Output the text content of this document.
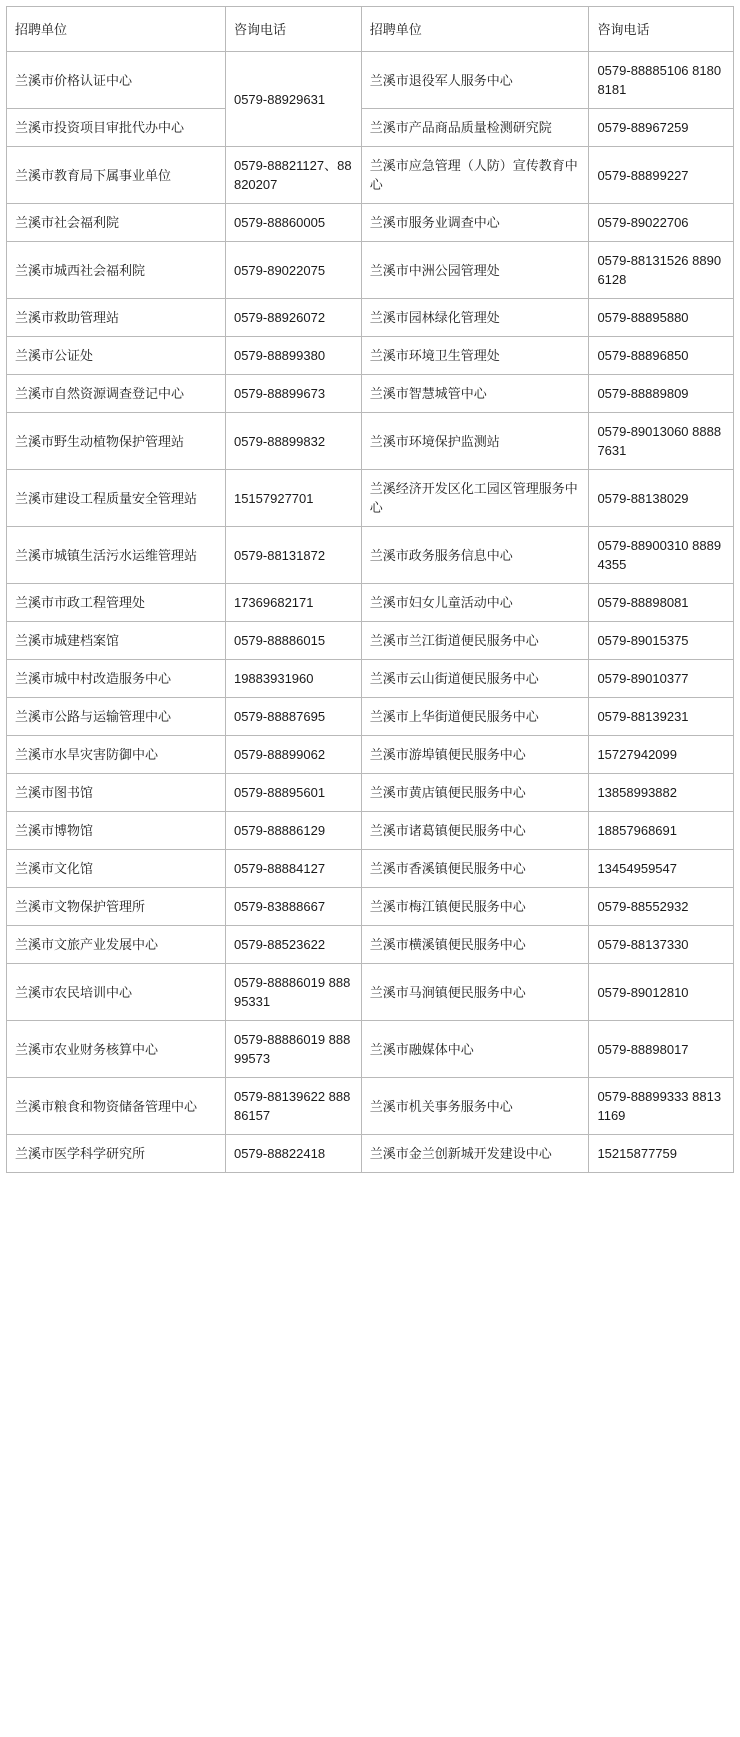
招聘单位	咨询电话	招聘单位	咨询电话
兰溪市价格认证中心	0579-88929631	兰溪市退役军人服务中心	0579-88885106 81808181
兰溪市投资项目审批代办中心		兰溪市产品商品质量检测研究院	0579-88967259
兰溪市教育局下属事业单位	0579-88821127、88820207	兰溪市应急管理（人防）宣传教育中心	0579-88899227
兰溪市社会福利院	0579-88860005	兰溪市服务业调查中心	0579-89022706
兰溪市城西社会福利院	0579-89022075	兰溪市中洲公园管理处	0579-88131526 88906128
兰溪市救助管理站	0579-88926072	兰溪市园林绿化管理处	0579-88895880
兰溪市公证处	0579-88899380	兰溪市环境卫生管理处	0579-88896850
兰溪市自然资源调查登记中心	0579-88899673	兰溪市智慧城管中心	0579-88889809
兰溪市野生动植物保护管理站	0579-88899832	兰溪市环境保护监测站	0579-89013060 88887631
兰溪市建设工程质量安全管理站	15157927701	兰溪经济开发区化工园区管理服务中心	0579-88138029
兰溪市城镇生活污水运维管理站	0579-88131872	兰溪市政务服务信息中心	0579-88900310 88894355
兰溪市市政工程管理处	17369682171	兰溪市妇女儿童活动中心	0579-88898081
兰溪市城建档案馆	0579-88886015	兰溪市兰江街道便民服务中心	0579-89015375
兰溪市城中村改造服务中心	19883931960	兰溪市云山街道便民服务中心	0579-89010377
兰溪市公路与运输管理中心	0579-88887695	兰溪市上华街道便民服务中心	0579-88139231
兰溪市水旱灾害防御中心	0579-88899062	兰溪市游埠镇便民服务中心	15727942099
兰溪市图书馆	0579-88895601	兰溪市黄店镇便民服务中心	13858993882
兰溪市博物馆	0579-88886129	兰溪市诸葛镇便民服务中心	18857968691
兰溪市文化馆	0579-88884127	兰溪市香溪镇便民服务中心	13454959547
兰溪市文物保护管理所	0579-83888667	兰溪市梅江镇便民服务中心	0579-88552932
兰溪市文旅产业发展中心	0579-88523622	兰溪市横溪镇便民服务中心	0579-88137330
兰溪市农民培训中心	0579-88886019 88895331	兰溪市马涧镇便民服务中心	0579-89012810
兰溪市农业财务核算中心	0579-88886019 88899573	兰溪市融媒体中心	0579-88898017
兰溪市粮食和物资储备管理中心	0579-88139622 88886157	兰溪市机关事务服务中心	0579-88899333 88131169
兰溪市医学科学研究所	0579-88822418	兰溪市金兰创新城开发建设中心	15215877759
